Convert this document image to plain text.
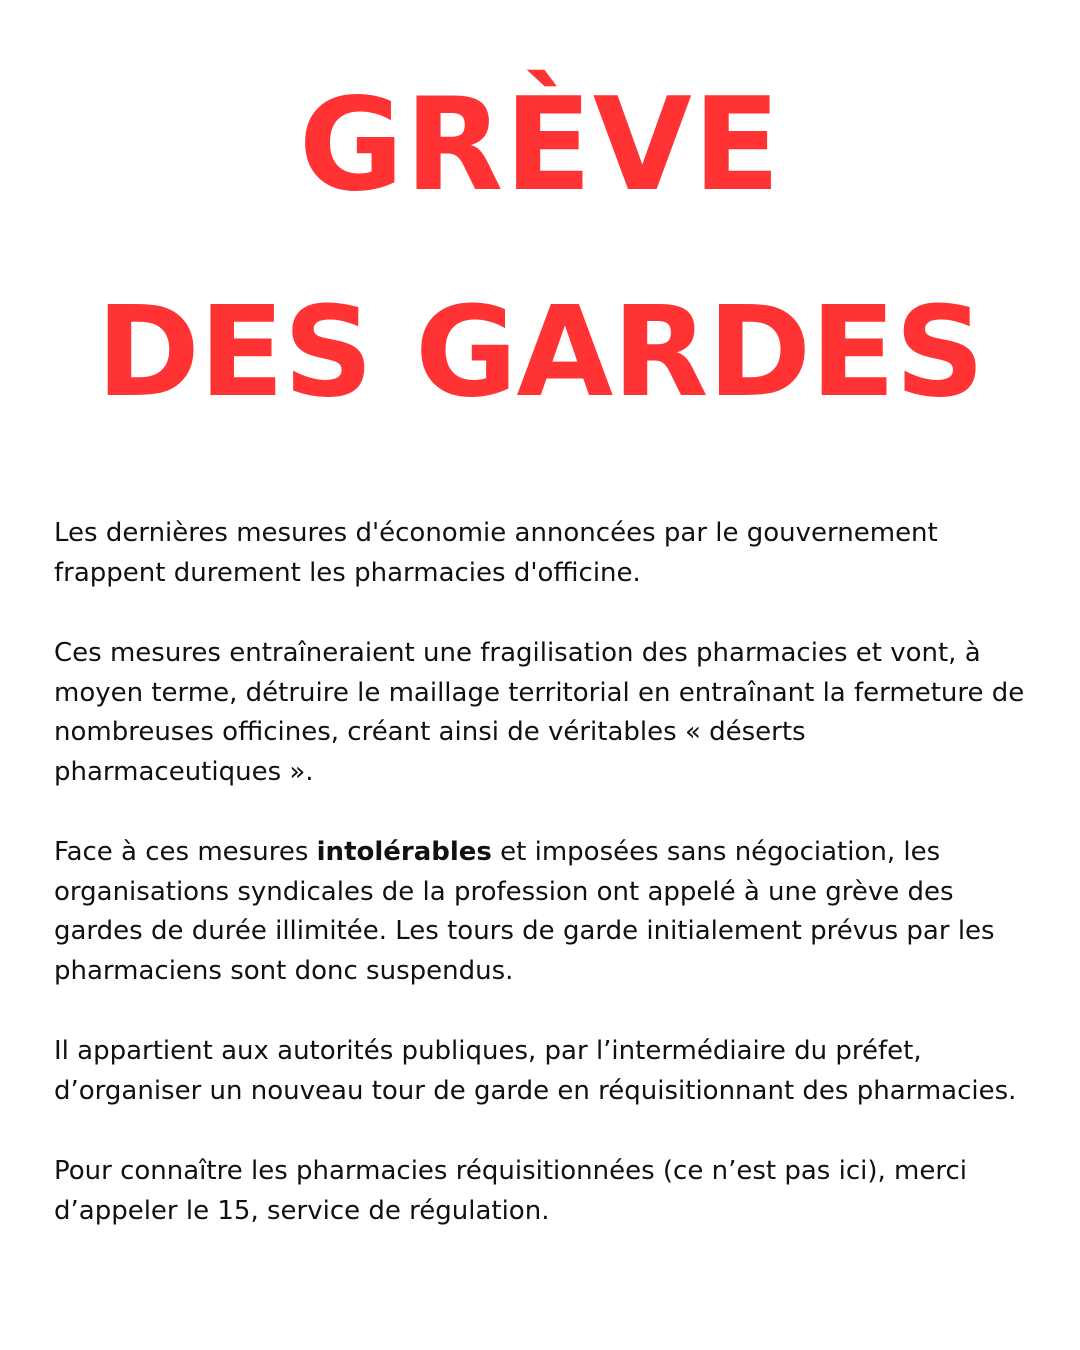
GRÈVE
DES GARDES

Les dernières mesures d'économie annoncées par le gouvernement frappent durement les pharmacies d'officine.

Ces mesures entraîneraient une fragilisation des pharmacies et vont, à moyen terme, détruire le maillage territorial en entraînant la fermeture de nombreuses officines, créant ainsi de véritables « déserts pharmaceutiques ».

Face à ces mesures intolérables et imposées sans négociation, les organisations syndicales de la profession ont appelé à une grève des gardes de durée illimitée. Les tours de garde initialement prévus par les pharmaciens sont donc suspendus.

Il appartient aux autorités publiques, par l’intermédiaire du préfet, d’organiser un nouveau tour de garde en réquisitionnant des pharmacies.

Pour connaître les pharmacies réquisitionnées (ce n’est pas ici), merci d’appeler le 15, service de régulation.
